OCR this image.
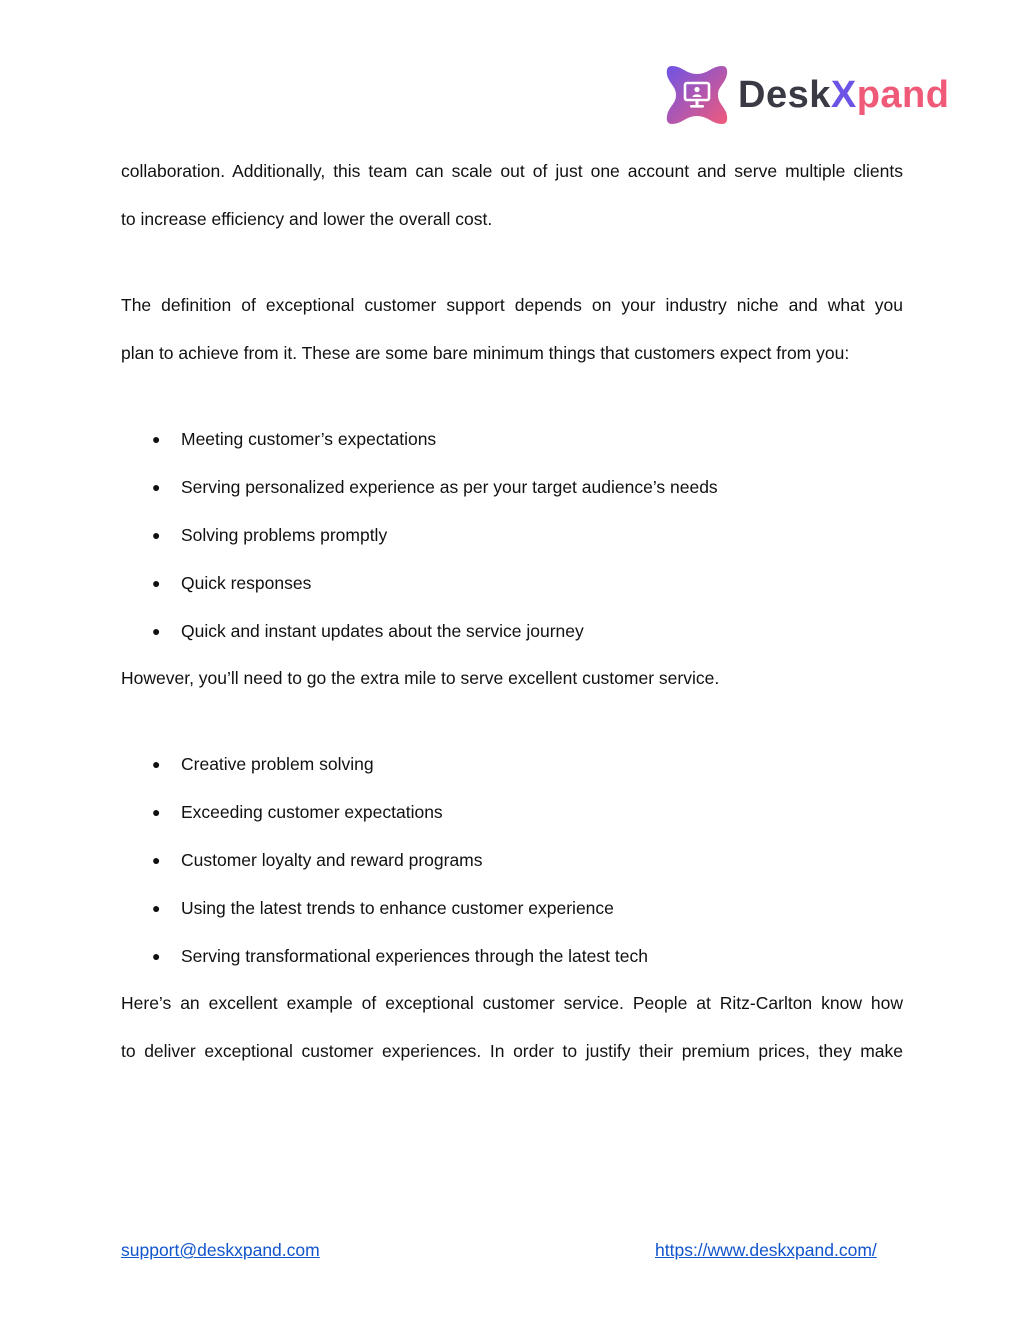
DeskXpand

collaboration. Additionally, this team can scale out of just one account and serve multiple clients
to increase efficiency and lower the overall cost.

The definition of exceptional customer support depends on your industry niche and what you
plan to achieve from it. These are some bare minimum things that customers expect from you:

● Meeting customer’s expectations
● Serving personalized experience as per your target audience’s needs
● Solving problems promptly
● Quick responses
● Quick and instant updates about the service journey

However, you’ll need to go the extra mile to serve excellent customer service.

● Creative problem solving
● Exceeding customer expectations
● Customer loyalty and reward programs
● Using the latest trends to enhance customer experience
● Serving transformational experiences through the latest tech

Here’s an excellent example of exceptional customer service. People at Ritz-Carlton know how
to deliver exceptional customer experiences. In order to justify their premium prices, they make

support@deskxpand.com	https://www.deskxpand.com/
